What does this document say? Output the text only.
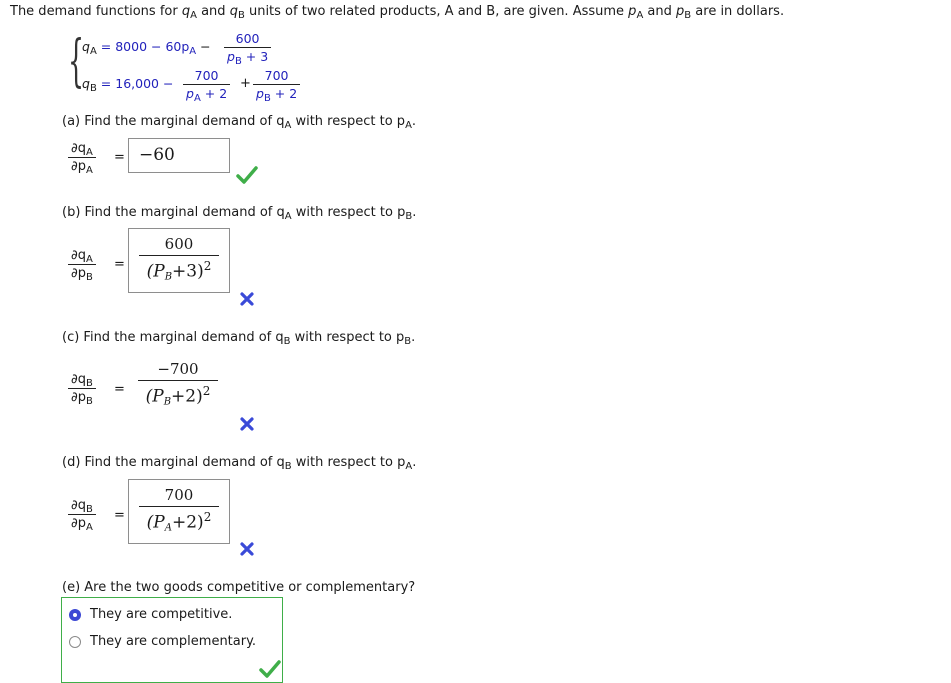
The demand functions for $q_A$ and $q_B$ units of two related products, A and B, are given. Assume $p_A$ and $p_B$ are in dollars.
{
$q_A = 8000 - 60p_A - \frac{600}{p_B + 3}$
$q_B = 16,000 - \frac{700}{p_A + 2} + \frac{700}{p_B + 2}$
(a) Find the marginal demand of $q_A$ with respect to $p_A$.
$\frac{\partial q_A}{\partial p_A} = -60$
(b) Find the marginal demand of $q_A$ with respect to $p_B$.
$\frac{\partial q_A}{\partial p_B}$ =
600
$(P_B+3)^2$
(c) Find the marginal demand of $q_B$ with respect to $p_B$.
$\frac{\partial q_B}{\partial p_B}$ =
−700
$(P_B+2)^2$
(d) Find the marginal demand of $q_B$ with respect to $p_A$.
$\frac{\partial q_B}{\partial p_A}$ =
700
$(P_A+2)^2$
(e) Are the two goods competitive or complementary?
They are competitive.
They are complementary.
